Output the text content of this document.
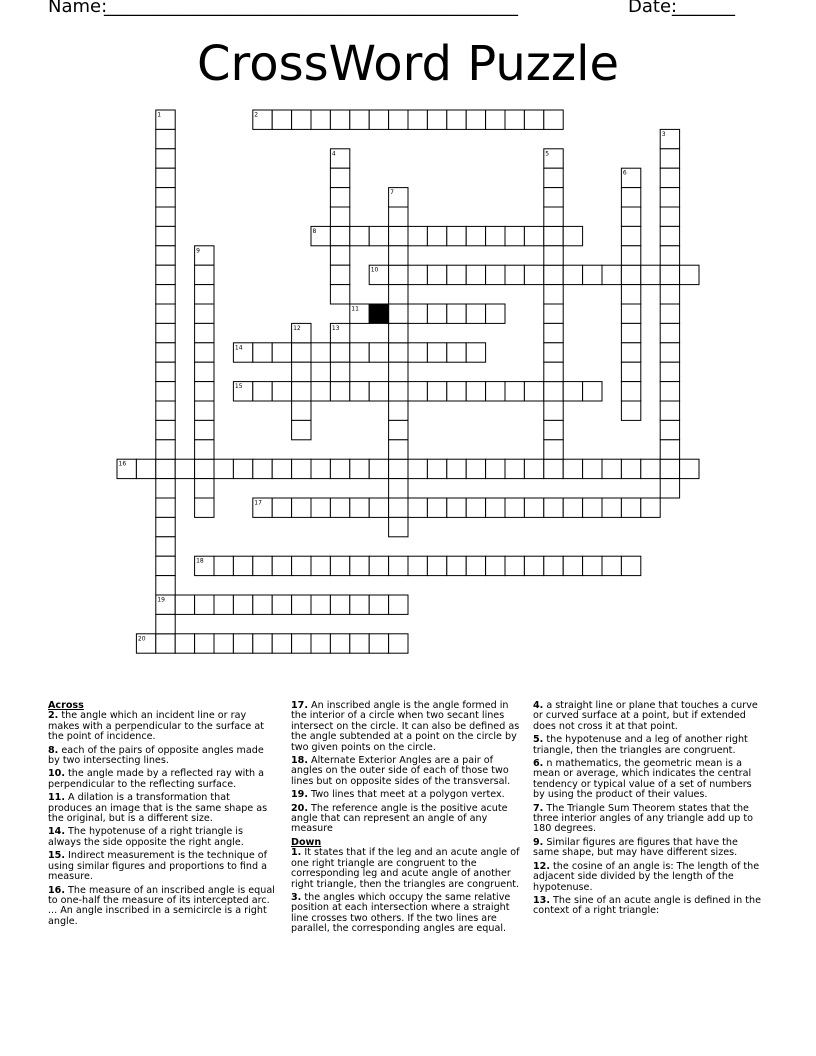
Name:
______________________________________________	Date:
_______
CrossWord Puzzle
2
8
10
11
14
15
16
17
18
19
20
1
3
4	5
6
7
9
12	13
Across
2. the angle which an incident line or ray makes with a perpendicular to the surface at the point of incidence.
8. each of the pairs of opposite angles made by two intersecting lines.
10. the angle made by a reflected ray with a perpendicular to the reflecting surface.
11. A dilation is a transformation that produces an image that is the same shape as the original, but is a different size.
14. The hypotenuse of a right triangle is always the side opposite the right angle.
15. Indirect measurement is the technique of using similar figures and proportions to find a measure.
16. The measure of an inscribed angle is equal to one-half the measure of its intercepted arc. ... An angle inscribed in a semicircle is a right angle.
17. An inscribed angle is the angle formed in the interior of a circle when two secant lines intersect on the circle. It can also be defined as the angle subtended at a point on the circle by two given points on the circle.
18. Alternate Exterior Angles are a pair of angles on the outer side of each of those two lines but on opposite sides of the transversal.
19. Two lines that meet at a polygon vertex.
20. The reference angle is the positive acute angle that can represent an angle of any measure
Down
1. It states that if the leg and an acute angle of one right triangle are congruent to the corresponding leg and acute angle of another right triangle, then the triangles are congruent.
3. the angles which occupy the same relative position at each intersection where a straight line crosses two others. If the two lines are parallel, the corresponding angles are equal.
4. a straight line or plane that touches a curve or curved surface at a point, but if extended does not cross it at that point.
5. the hypotenuse and a leg of another right triangle, then the triangles are congruent.
6. n mathematics, the geometric mean is a mean or average, which indicates the central tendency or typical value of a set of numbers by using the product of their values.
7. The Triangle Sum Theorem states that the three interior angles of any triangle add up to 180 degrees.
9. Similar figures are figures that have the same shape, but may have different sizes.
12. the cosine of an angle is: The length of the adjacent side divided by the length of the hypotenuse.
13. The sine of an acute angle is defined in the context of a right triangle:
